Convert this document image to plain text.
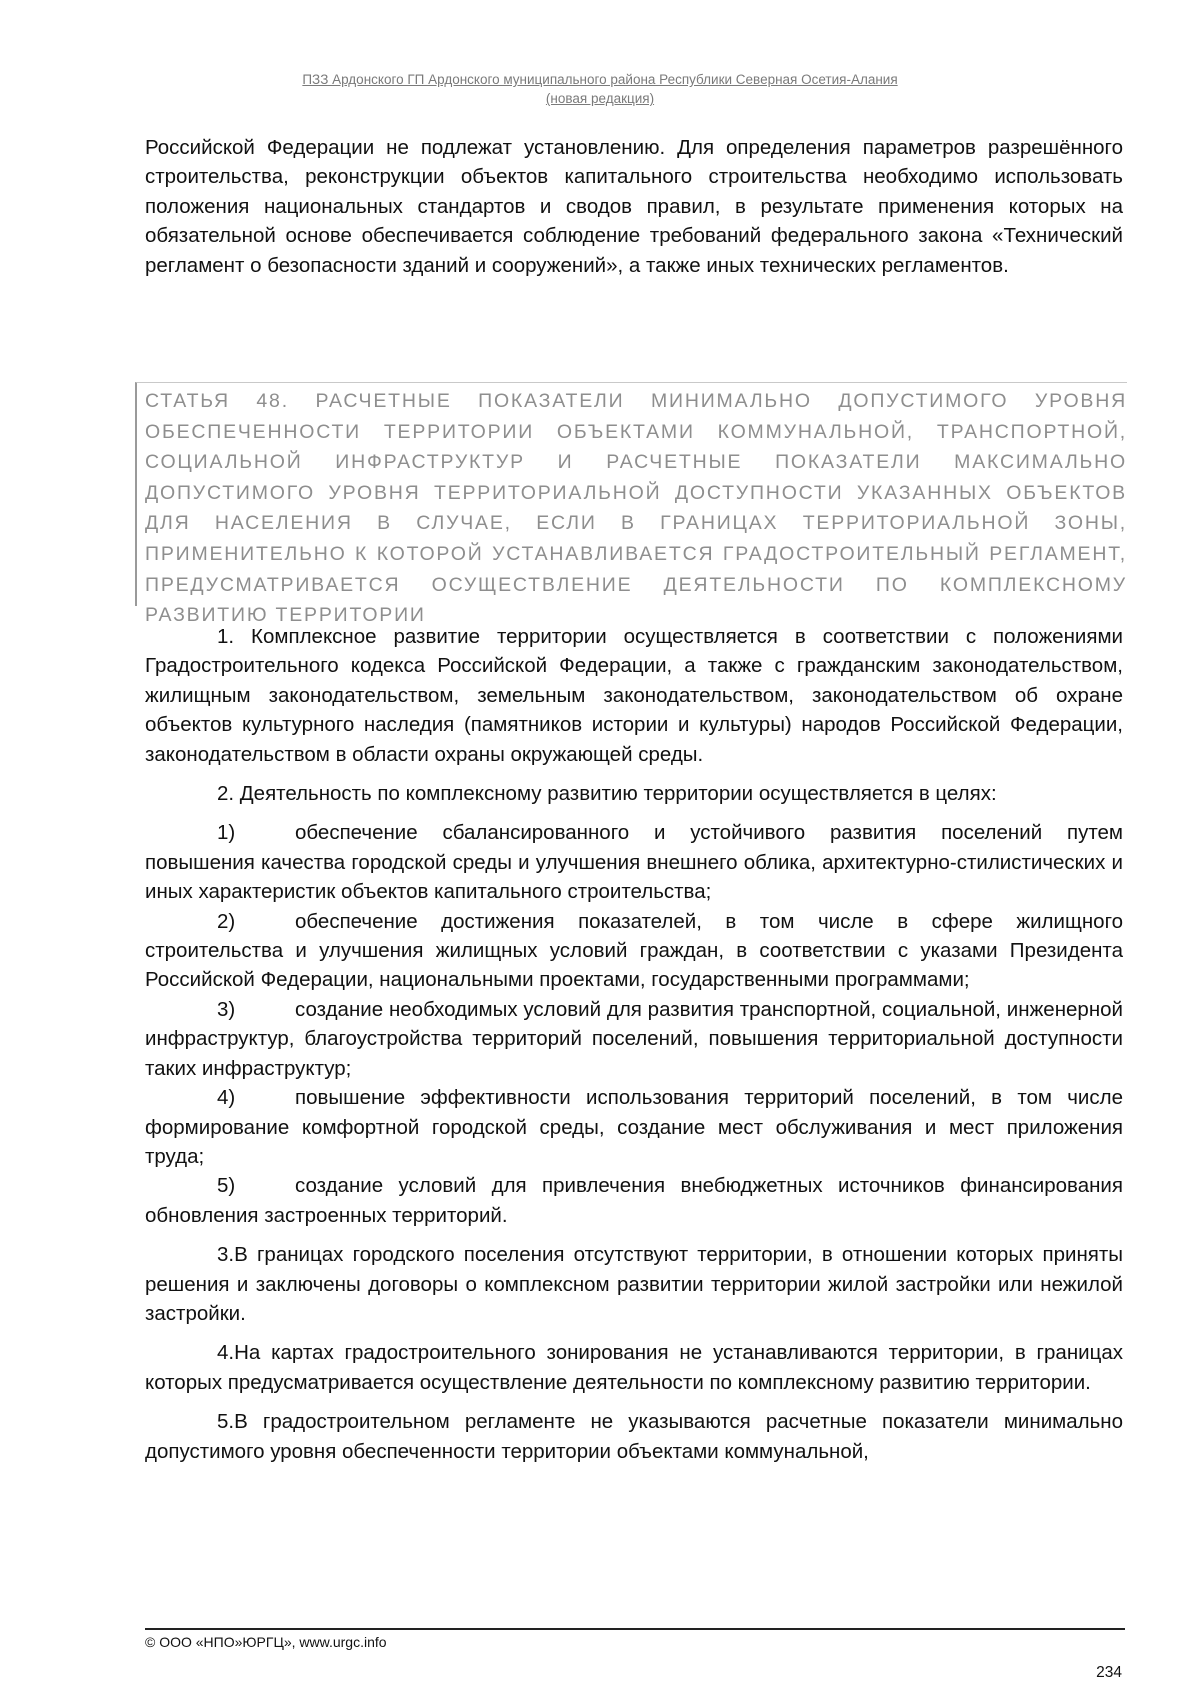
ПЗЗ Ардонского ГП Ардонского муниципального района Республики Северная Осетия-Алания
(новая редакция)

Российской Федерации не подлежат установлению. Для определения параметров разрешённого строительства, реконструкции объектов капитального строительства необходимо использовать положения национальных стандартов и сводов правил, в результате применения которых на обязательной основе обеспечивается соблюдение требований федерального закона «Технический регламент о безопасности зданий и сооружений», а также иных технических регламентов.

СТАТЬЯ 48. РАСЧЕТНЫЕ ПОКАЗАТЕЛИ МИНИМАЛЬНО ДОПУСТИМОГО УРОВНЯ ОБЕСПЕЧЕННОСТИ ТЕРРИТОРИИ ОБЪЕКТАМИ КОММУНАЛЬНОЙ, ТРАНСПОРТНОЙ, СОЦИАЛЬНОЙ ИНФРАСТРУКТУР И РАСЧЕТНЫЕ ПОКАЗАТЕЛИ МАКСИМАЛЬНО ДОПУСТИМОГО УРОВНЯ ТЕРРИТОРИАЛЬНОЙ ДОСТУПНОСТИ УКАЗАННЫХ ОБЪЕКТОВ ДЛЯ НАСЕЛЕНИЯ В СЛУЧАЕ, ЕСЛИ В ГРАНИЦАХ ТЕРРИТОРИАЛЬНОЙ ЗОНЫ, ПРИМЕНИТЕЛЬНО К КОТОРОЙ УСТАНАВЛИВАЕТСЯ ГРАДОСТРОИТЕЛЬНЫЙ РЕГЛАМЕНТ, ПРЕДУСМАТРИВАЕТСЯ ОСУЩЕСТВЛЕНИЕ ДЕЯТЕЛЬНОСТИ ПО КОМПЛЕКСНОМУ РАЗВИТИЮ ТЕРРИТОРИИ

1. Комплексное развитие территории осуществляется в соответствии с положениями Градостроительного кодекса Российской Федерации, а также с гражданским законодательством, жилищным законодательством, земельным законодательством, законодательством об охране объектов культурного наследия (памятников истории и культуры) народов Российской Федерации, законодательством в области охраны окружающей среды.

2. Деятельность по комплексному развитию территории осуществляется в целях:

1)	обеспечение сбалансированного и устойчивого развития поселений путем повышения качества городской среды и улучшения внешнего облика, архитектурно-стилистических и иных характеристик объектов капитального строительства;

2)	обеспечение достижения показателей, в том числе в сфере жилищного строительства и улучшения жилищных условий граждан, в соответствии с указами Президента Российской Федерации, национальными проектами, государственными программами;

3)	создание необходимых условий для развития транспортной, социальной, инженерной инфраструктур, благоустройства территорий поселений, повышения территориальной доступности таких инфраструктур;

4)	повышение эффективности использования территорий поселений, в том числе формирование комфортной городской среды, создание мест обслуживания и мест приложения труда;

5)	создание условий для привлечения внебюджетных источников финансирования обновления застроенных территорий.

3.В границах городского поселения отсутствуют территории, в отношении которых приняты решения и заключены договоры о комплексном развитии территории жилой застройки или нежилой застройки.

4.На картах градостроительного зонирования не устанавливаются территории, в границах которых предусматривается осуществление деятельности по комплексному развитию территории.

5.В градостроительном регламенте не указываются расчетные показатели минимально допустимого уровня обеспеченности территории объектами коммунальной,

© ООО «НПО»ЮРГЦ», www.urgc.info
234
